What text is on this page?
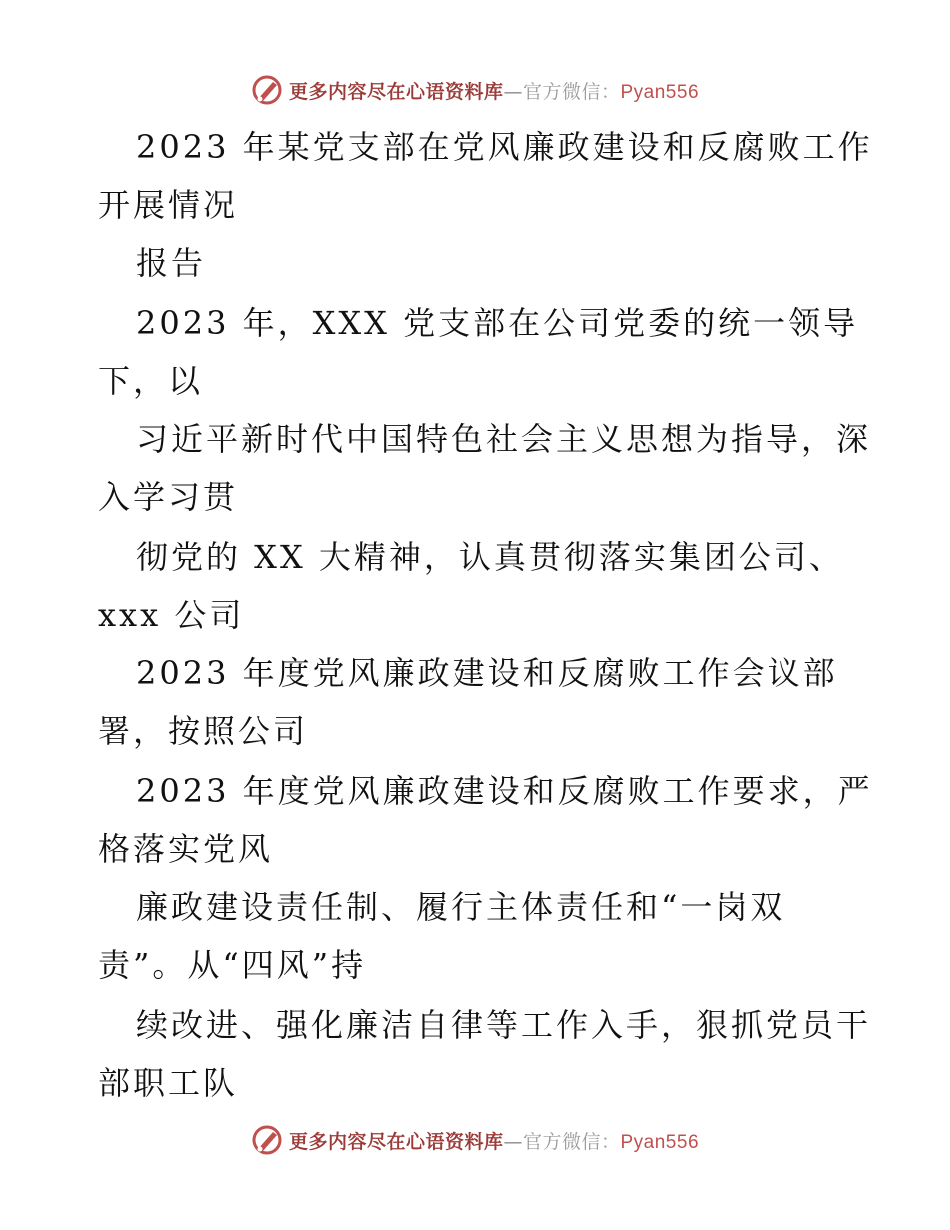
更多内容尽在心语资料库—官方微信：Pyan556
2023 年某党支部在党风廉政建设和反腐败工作
开展情况
报告
2023 年，XXX 党支部在公司党委的统一领导
下，以
习近平新时代中国特色社会主义思想为指导，深
入学习贯
彻党的 XX 大精神，认真贯彻落实集团公司、
xxx 公司
2023 年度党风廉政建设和反腐败工作会议部
署，按照公司
2023 年度党风廉政建设和反腐败工作要求，严
格落实党风
廉政建设责任制、履行主体责任和“一岗双
责”。从“四风”持
续改进、强化廉洁自律等工作入手，狠抓党员干
部职工队
更多内容尽在心语资料库—官方微信：Pyan556
